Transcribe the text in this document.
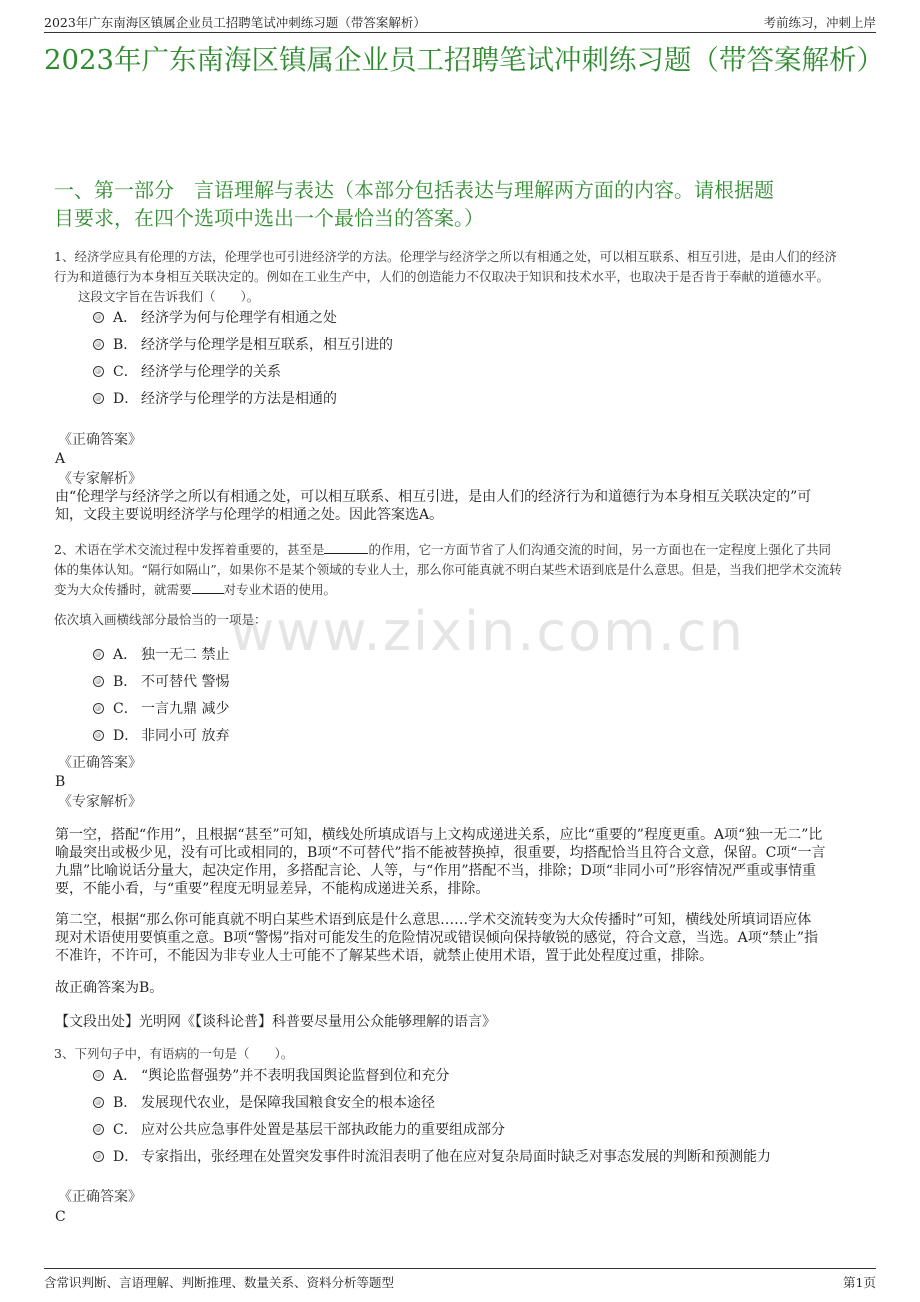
2023年广东南海区镇属企业员工招聘笔试冲刺练习题（带答案解析）	考前练习，冲刺上岸
2023年广东南海区镇属企业员工招聘笔试冲刺练习题（带答案解析）
一、第一部分　言语理解与表达（本部分包括表达与理解两方面的内容。请根据题
目要求，在四个选项中选出一个最恰当的答案。）
1、经济学应具有伦理的方法，伦理学也可引进经济学的方法。伦理学与经济学之所以有相通之处，可以相互联系、相互引进，是由人们的经济
行为和道德行为本身相互关联决定的。例如在工业生产中，人们的创造能力不仅取决于知识和技术水平，也取决于是否肯于奉献的道德水平。
这段文字旨在告诉我们（　　）。
A． 经济学为何与伦理学有相通之处
B． 经济学与伦理学是相互联系，相互引进的
C． 经济学与伦理学的关系
D． 经济学与伦理学的方法是相通的
《正确答案》
A
《专家解析》
由“伦理学与经济学之所以有相通之处，可以相互联系、相互引进，是由人们的经济行为和道德行为本身相互关联决定的”可
知，文段主要说明经济学与伦理学的相通之处。因此答案选A。
2、术语在学术交流过程中发挥着重要的，甚至是	的作用，它一方面节省了人们沟通交流的时间，另一方面也在一定程度上强化了共同
体的集体认知。“隔行如隔山”，如果你不是某个领域的专业人士，那么你可能真就不明白某些术语到底是什么意思。但是，当我们把学术交流转
变为大众传播时，就需要	对专业术语的使用。
依次填入画横线部分最恰当的一项是：
www.zixin.com.cn
A． 独一无二 禁止
B． 不可替代 警惕
C． 一言九鼎 减少
D． 非同小可 放弃
《正确答案》
B
《专家解析》
第一空，搭配“作用”，且根据“甚至”可知，横线处所填成语与上文构成递进关系，应比“重要的”程度更重。A项“独一无二”比
喻最突出或极少见，没有可比或相同的，B项“不可替代”指不能被替换掉，很重要，均搭配恰当且符合文意，保留。C项“一言
九鼎”比喻说话分量大，起决定作用，多搭配言论、人等，与“作用”搭配不当，排除；D项“非同小可”形容情况严重或事情重
要，不能小看，与“重要”程度无明显差异，不能构成递进关系，排除。
第二空，根据“那么你可能真就不明白某些术语到底是什么意思……学术交流转变为大众传播时”可知，横线处所填词语应体
现对术语使用要慎重之意。B项“警惕”指对可能发生的危险情况或错误倾向保持敏锐的感觉，符合文意，当选。A项“禁止”指
不准许，不许可，不能因为非专业人士可能不了解某些术语，就禁止使用术语，置于此处程度过重，排除。
故正确答案为B。
【文段出处】光明网《【谈科论普】科普要尽量用公众能够理解的语言》
3、下列句子中，有语病的一句是（　　）。
A． “舆论监督强势”并不表明我国舆论监督到位和充分
B． 发展现代农业，是保障我国粮食安全的根本途径
C． 应对公共应急事件处置是基层干部执政能力的重要组成部分
D． 专家指出，张经理在处置突发事件时流泪表明了他在应对复杂局面时缺乏对事态发展的判断和预测能力
《正确答案》
C
含常识判断、言语理解、判断推理、数量关系、资料分析等题型	第1页
